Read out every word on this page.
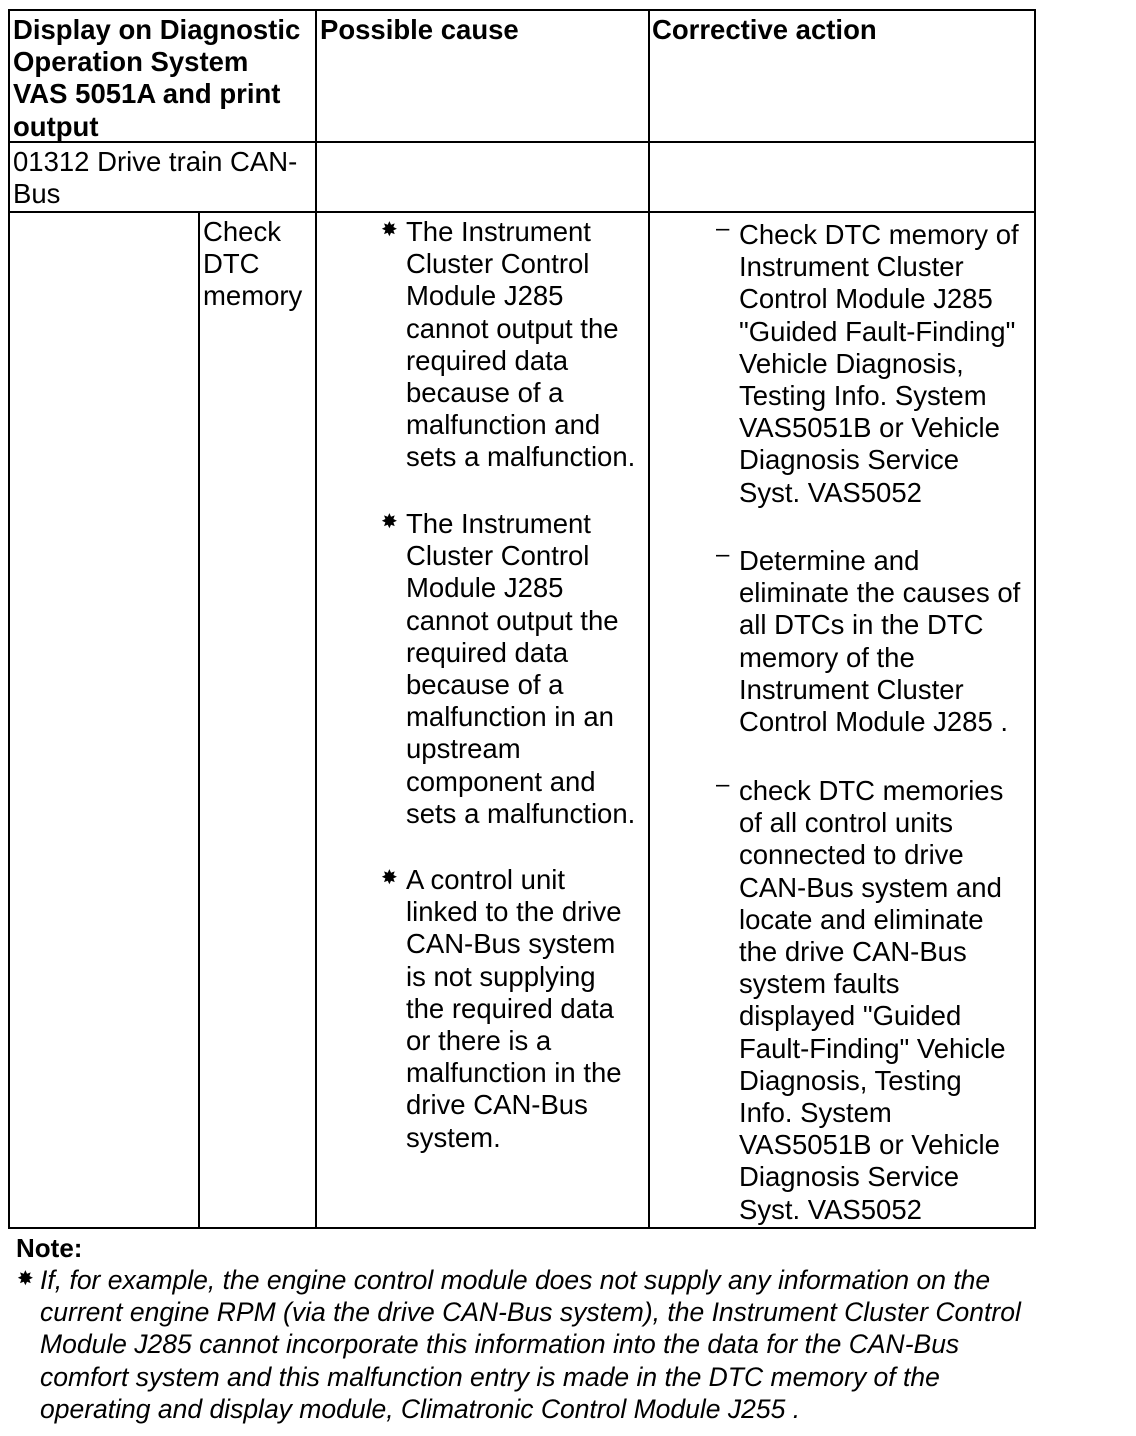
Display on Diagnostic
Operation System
VAS 5051A and print
output
Possible cause	Corrective action
01312 Drive train CAN-
Bus
Check
DTC
memory
The Instrument
Cluster Control
Module J285
cannot output the
required data
because of a
malfunction and
sets a malfunction.
✸
The Instrument
Cluster Control
Module J285
cannot output the
required data
because of a
malfunction in an
upstream
component and
sets a malfunction.
✸
A control unit
linked to the drive
CAN-Bus system
is not supplying
the required data
or there is a
malfunction in the
drive CAN-Bus
system.
✸
Check DTC memory of
Instrument Cluster
Control Module J285
"Guided Fault-Finding"
Vehicle Diagnosis,
Testing Info. System
VAS5051B or Vehicle
Diagnosis Service
Syst. VAS5052
–
Determine and
eliminate the causes of
all DTCs in the DTC
memory of the
Instrument Cluster
Control Module J285 .
–
check DTC memories
of all control units
connected to drive
CAN-Bus system and
locate and eliminate
the drive CAN-Bus
system faults
displayed "Guided
Fault-Finding" Vehicle
Diagnosis, Testing
Info. System
VAS5051B or Vehicle
Diagnosis Service
Syst. VAS5052
–
Note:
✸ If, for example, the engine control module does not supply any information on the
current engine RPM (via the drive CAN-Bus system), the Instrument Cluster Control
Module J285 cannot incorporate this information into the data for the CAN-Bus
comfort system and this malfunction entry is made in the DTC memory of the
operating and display module, Climatronic Control Module J255 .
